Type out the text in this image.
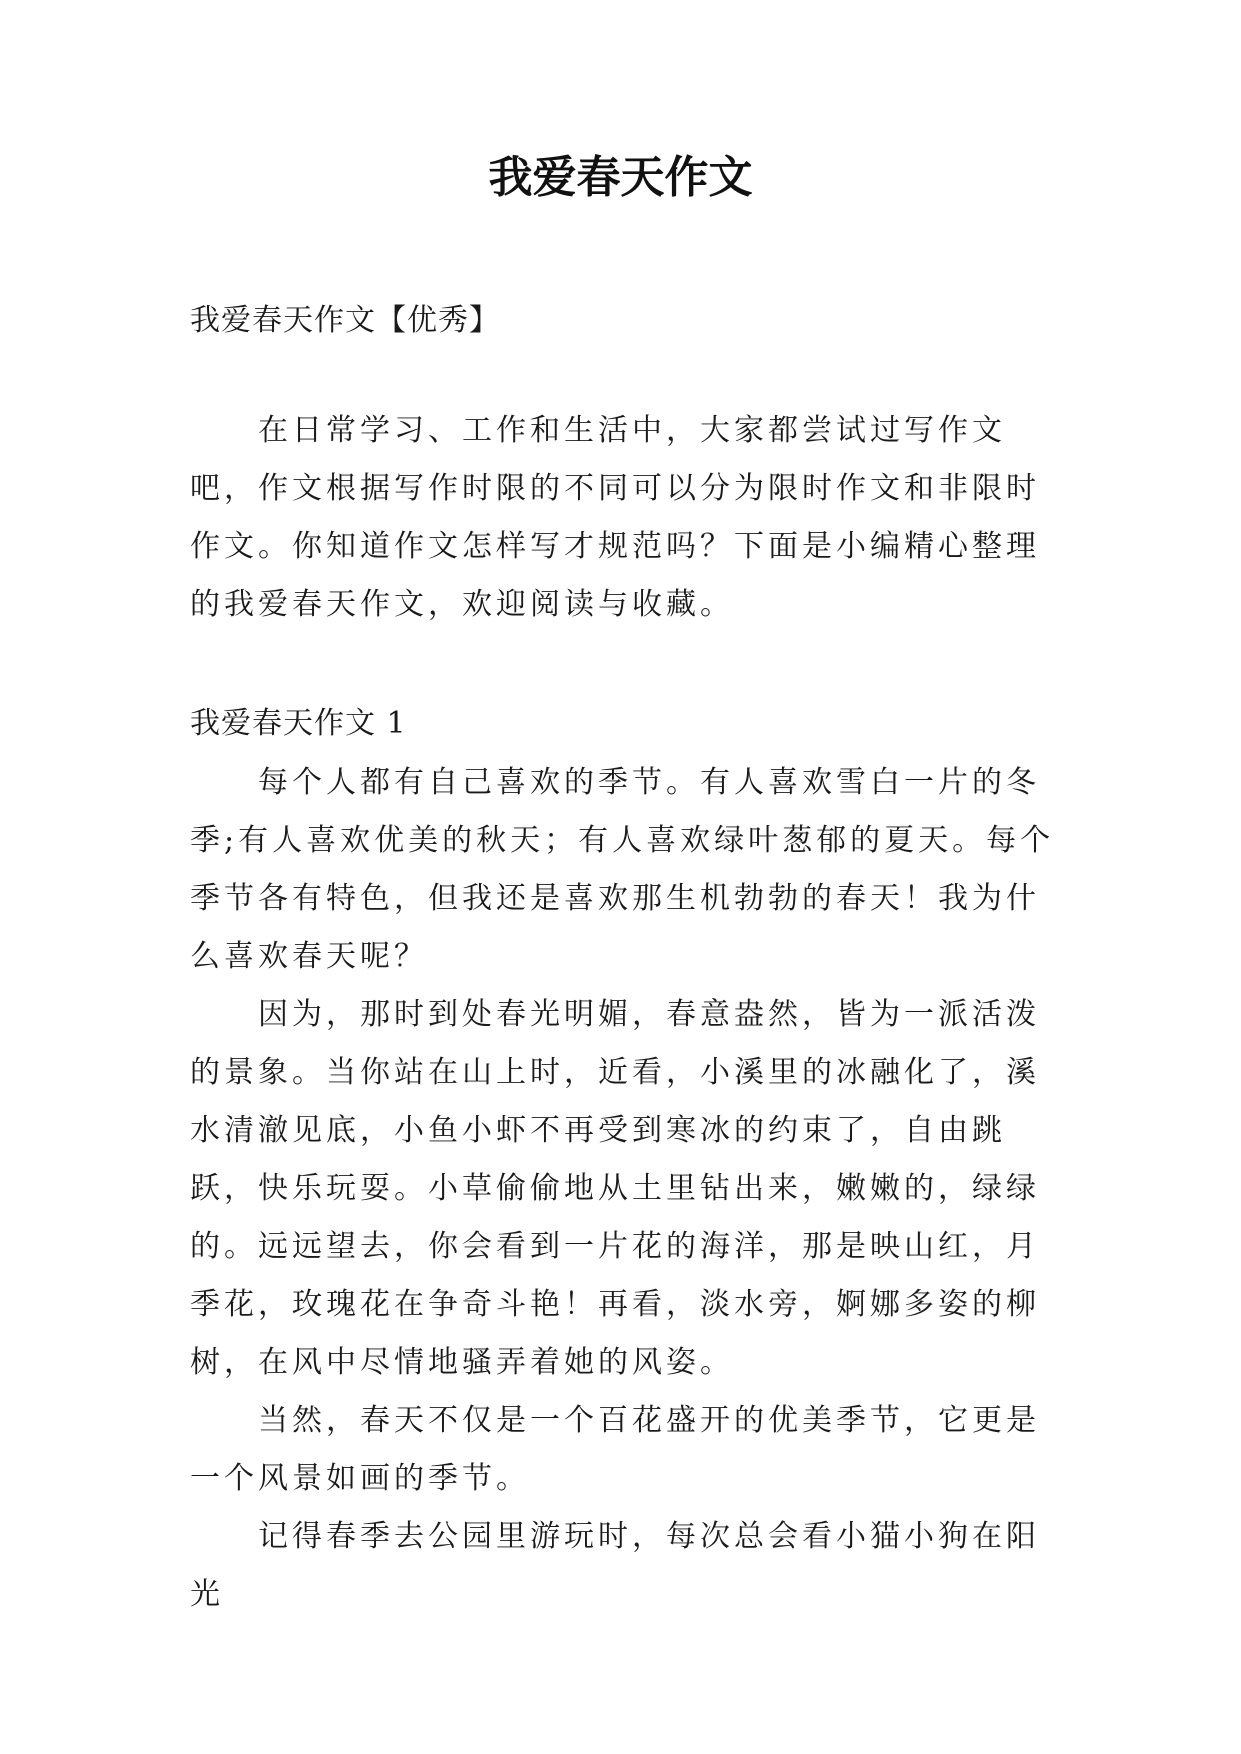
我爱春天作文
我爱春天作文【优秀】

在日常学习、工作和生活中，大家都尝试过写作文吧，作文根据写作时限的不同可以分为限时作文和非限时作文。你知道作文怎样写才规范吗？下面是小编精心整理的我爱春天作文，欢迎阅读与收藏。

我爱春天作文 1

每个人都有自己喜欢的季节。有人喜欢雪白一片的冬季;有人喜欢优美的秋天；有人喜欢绿叶葱郁的夏天。每个季节各有特色，但我还是喜欢那生机勃勃的春天！我为什么喜欢春天呢？

因为，那时到处春光明媚，春意盎然，皆为一派活泼的景象。当你站在山上时，近看，小溪里的冰融化了，溪水清澈见底，小鱼小虾不再受到寒冰的约束了，自由跳跃，快乐玩耍。小草偷偷地从土里钻出来，嫩嫩的，绿绿的。远远望去，你会看到一片花的海洋，那是映山红，月季花，玫瑰花在争奇斗艳！再看，淡水旁，婀娜多姿的柳树，在风中尽情地骚弄着她的风姿。

当然，春天不仅是一个百花盛开的优美季节，它更是一个风景如画的季节。

记得春季去公园里游玩时，每次总会看小猫小狗在阳光
